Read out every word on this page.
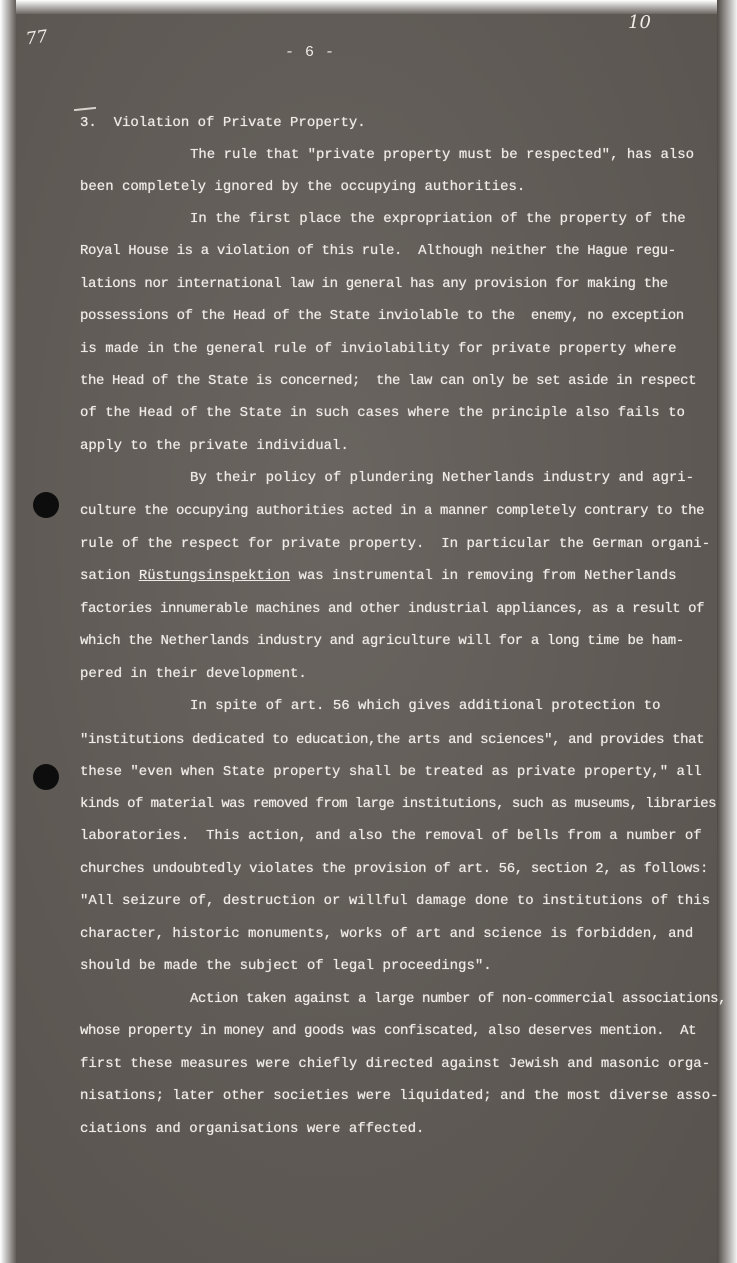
77
10
- 6 -
3.  Violation of Private Property.
The rule that "private property must be respected", has also
been completely ignored by the occupying authorities.
In the first place the expropriation of the property of the
Royal House is a violation of this rule.  Although neither the Hague regu-
lations nor international law in general has any provision for making the
possessions of the Head of the State inviolable to the  enemy, no exception
is made in the general rule of inviolability for private property where
the Head of the State is concerned;  the law can only be set aside in respect
of the Head of the State in such cases where the principle also fails to
apply to the private individual.
By their policy of plundering Netherlands industry and agri-
culture the occupying authorities acted in a manner completely contrary to the
rule of the respect for private property.  In particular the German organi-
sation Rüstungsinspektion was instrumental in removing from Netherlands
factories innumerable machines and other industrial appliances, as a result of
which the Netherlands industry and agriculture will for a long time be ham-
pered in their development.
In spite of art. 56 which gives additional protection to
"institutions dedicated to education,the arts and sciences", and provides that
these "even when State property shall be treated as private property," all
kinds of material was removed from large institutions, such as museums, libraries
laboratories.  This action, and also the removal of bells from a number of
churches undoubtedly violates the provision of art. 56, section 2, as follows:
"All seizure of, destruction or willful damage done to institutions of this
character, historic monuments, works of art and science is forbidden, and
should be made the subject of legal proceedings".
Action taken against a large number of non-commercial associations,
whose property in money and goods was confiscated, also deserves mention.  At
first these measures were chiefly directed against Jewish and masonic orga-
nisations; later other societies were liquidated; and the most diverse asso-
ciations and organisations were affected.
